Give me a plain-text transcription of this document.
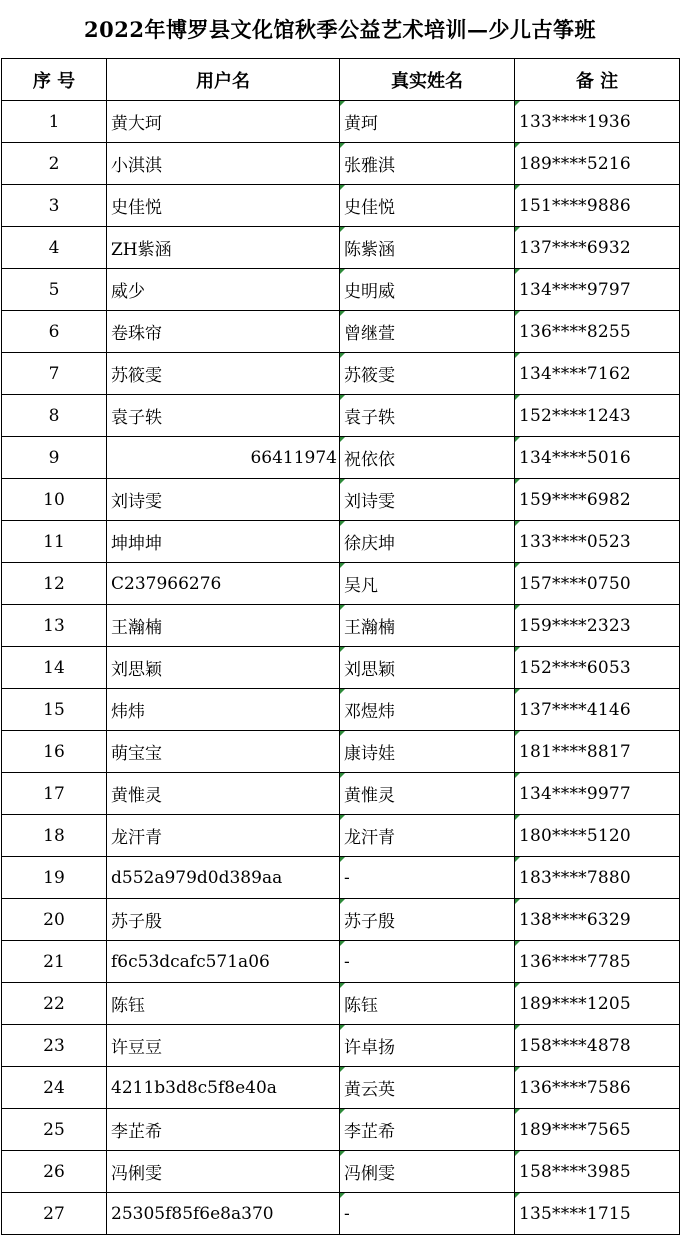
2022年博罗县文化馆秋季公益艺术培训—少儿古筝班
序 号	用户名	真实姓名	备 注
1	黄大珂	黄珂	133****1936
2	小淇淇	张雅淇	189****5216
3	史佳悦	史佳悦	151****9886
4	ZH紫涵	陈紫涵	137****6932
5	威少	史明威	134****9797
6	卷珠帘	曾继萱	136****8255
7	苏筱雯	苏筱雯	134****7162
8	袁子轶	袁子轶	152****1243
9	66411974	祝依依	134****5016
10	刘诗雯	刘诗雯	159****6982
11	坤坤坤	徐庆坤	133****0523
12	C237966276	吴凡	157****0750
13	王瀚楠	王瀚楠	159****2323
14	刘思颖	刘思颖	152****6053
15	炜炜	邓煜炜	137****4146
16	萌宝宝	康诗娃	181****8817
17	黄惟灵	黄惟灵	134****9977
18	龙汗青	龙汗青	180****5120
19	d552a979d0d389aa	-	183****7880
20	苏子殷	苏子殷	138****6329
21	f6c53dcafc571a06	-	136****7785
22	陈钰	陈钰	189****1205
23	许豆豆	许卓扬	158****4878
24	4211b3d8c5f8e40a	黄云英	136****7586
25	李芷希	李芷希	189****7565
26	冯俐雯	冯俐雯	158****3985
27	25305f85f6e8a370	-	135****1715
